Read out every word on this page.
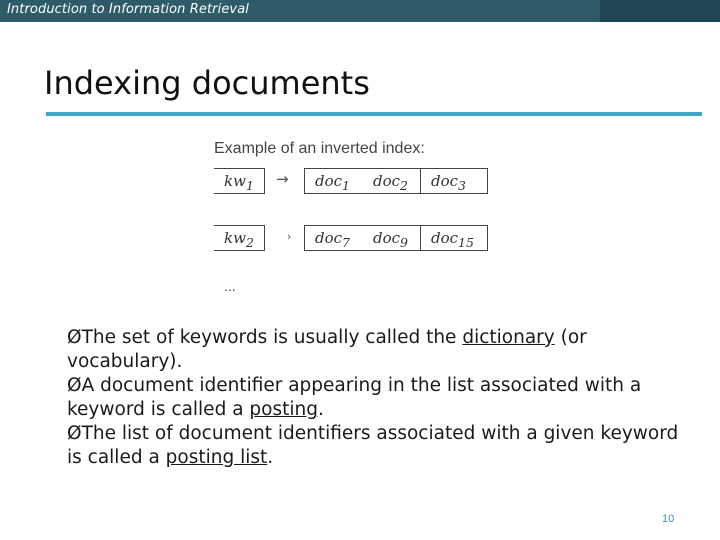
Introduction to Information Retrieval
Indexing documents
Example of an inverted index:
$kw_1 \to doc_1$ doc$_2$ doc$_3$
$kw_2$	› doc$_7$ doc$_9$ doc$_{15}$
...

ØThe set of keywords is usually called the dictionary (or vocabulary).

ØA document identifier appearing in the list associated with a keyword is called a posting.

ØThe list of document identifiers associated with a given keyword is called a posting list.

10
